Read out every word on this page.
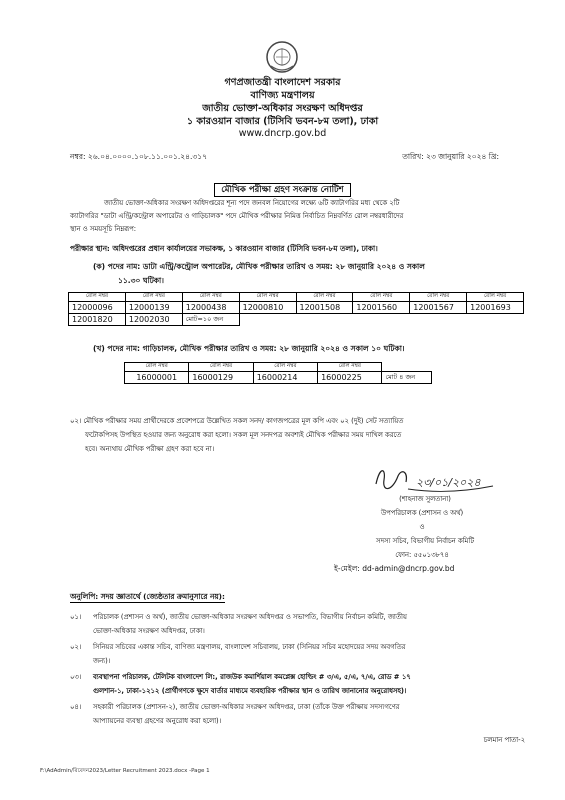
গণপ্রজাতন্ত্রী বাংলাদেশ সরকার
বাণিজ্য মন্ত্রণালয়
জাতীয় ভোক্তা-অধিকার সংরক্ষণ অধিদপ্তর
১ কারওয়ান বাজার (টিসিবি ভবন-৮ম তলা), ঢাকা
www.dncrp.gov.bd
নম্বর: ২৬.০৪.০০০০.১০৮.১১.০০১.২৪.৩১৭	তারিখ: ২৩ জানুয়ারি ২০২৪ খ্রি:
মৌখিক পরীক্ষা গ্রহণ সংক্রান্ত নোটিশ
জাতীয় ভোক্তা-অধিকার সংরক্ষণ অধিদপ্তরের শূন্য পদে জনবল নিয়োগের লক্ষ্যে ৬টি ক্যাটাগরির মধ্য থেকে ২টি
ক্যাটাগরির "ডাটা এন্ট্রি/কন্ট্রোল অপারেটর ও গাড়িচালক" পদে মৌখিক পরীক্ষার নিমিত্ত নির্বাচিত নিম্নবর্ণিত রোল নম্বরধারীদের
স্থান ও সময়সূচি নিম্নরূপ:
পরীক্ষার স্থান: অধিদপ্তরের প্রধান কার্যালয়ের সভাকক্ষ, ১ কারওয়ান বাজার (টিসিবি ভবন-৮ম তলা), ঢাকা।
(ক) পদের নাম: ডাটা এন্ট্রি/কন্ট্রোল অপারেটর, মৌখিক পরীক্ষার তারিখ ও সময়: ২৮ জানুয়ারি ২০২৪ ও সকাল
১১.৩০ ঘটিকা।
রোল নম্বর	রোল নম্বর	রোল নম্বর	রোল নম্বর	রোল নম্বর	রোল নম্বর	রোল নম্বর	রোল নম্বর
12000096	12000139	12000438	12000810	12001508	12001560	12001567	12001693
12001820	12002030	মোট=১০ জন					
(খ) পদের নাম: গাড়িচালক, মৌখিক পরীক্ষার তারিখ ও সময়: ২৮ জানুয়ারি ২০২৪ ও সকাল ১০ ঘটিকা।
রোল নম্বর	রোল নম্বর	রোল নম্বর	রোল নম্বর	
16000001	16000129	16000214	16000225	মোট ৪ জন
০২। মৌখিক পরীক্ষার সময় প্রার্থীদেরকে প্রবেশপত্রে উল্লেখিত সকল সনদ/ কাগজপত্রের মূল কপি এবং ০২ (দুই) সেট সত্যায়িত
ফটোকপিসহ উপস্থিত হওয়ার জন্য অনুরোধ করা হলো। সকল মূল সনদপত্র অবশ্যই মৌখিক পরীক্ষার সময় দাখিল করতে
হবে। অন্যথায় মৌখিক পরীক্ষা গ্রহণ করা হবে না।
২৩/০১/২০২৪
(শাহনাজ সুলতানা)
উপপরিচালক (প্রশাসন ও অর্থ)
ও
সদস্য সচিব, বিভাগীয় নির্বাচন কমিটি
ফোন: ৫৫০১৩৮৭৪
ই-মেইল: dd-admin@dncrp.gov.bd
অনুলিপি: সদয় জ্ঞাতার্থে (জ্যেষ্ঠতার ক্রমানুসারে নয়):
০১। পরিচালক (প্রশাসন ও অর্থ), জাতীয় ভোক্তা-অধিকার সংরক্ষণ অধিদপ্তর ও সভাপতি, বিভাগীয় নির্বাচন কমিটি, জাতীয়
ভোক্তা-অধিকার সংরক্ষণ অধিদপ্তর, ঢাকা।
০২। সিনিয়র সচিবের একান্ত সচিব, বাণিজ্য মন্ত্রণালয়, বাংলাদেশ সচিবালয়, ঢাকা (সিনিয়র সচিব মহোদয়ের সদয় অবগতির
জন্য)।
০৩। ব্যবস্থাপনা পরিচালক, টেলিটক বাংলাদেশ লি:, রাজউক কমার্শিয়াল কমপ্লেক্স হোল্ডিং # ৩/এ, ৫/এ, ৭/এ, রোড # ১৭
গুলশান-১, ঢাকা-১২১২ (প্রার্থীগণকে ক্ষুদে বার্তার মাধ্যমে ব্যবহারিক পরীক্ষার স্থান ও তারিখ জানানোর অনুরোধসহ)।
০৪। সহকারী পরিচালক (প্রশাসন-২), জাতীয় ভোক্তা-অধিকার সংরক্ষণ অধিদপ্তর, ঢাকা (তাঁকে উক্ত পরীক্ষায় সদস্যগণের
আপ্যায়নের ব্যবস্থা গ্রহণের অনুরোধ করা হলো)।
চলমান পাতা-২
F:\AdAdmin/রিবেদন2023/Letter Recruitment 2023.docx -Page 1
